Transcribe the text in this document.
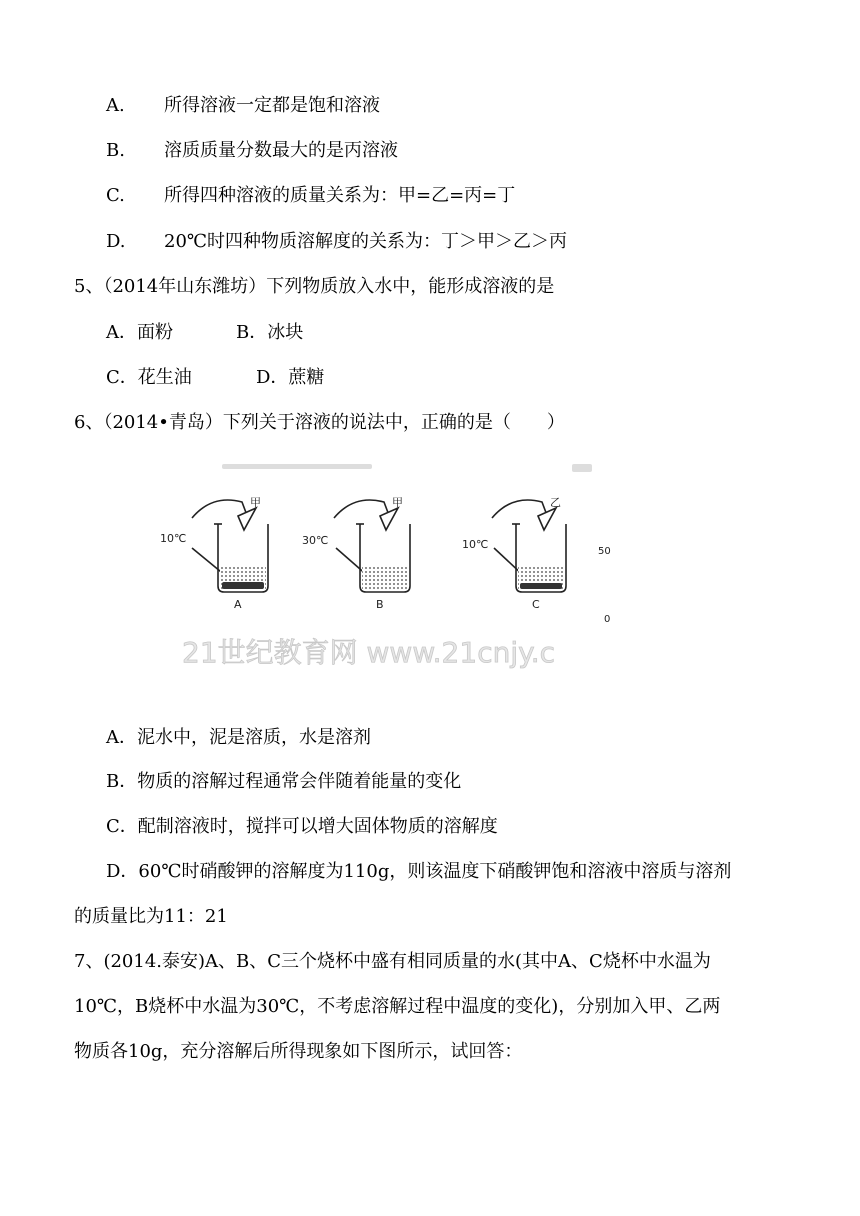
A. 所得溶液一定都是饱和溶液
B. 溶质质量分数最大的是丙溶液
C. 所得四种溶液的质量关系为：甲=乙=丙=丁
D. 20℃时四种物质溶解度的关系为：丁＞甲＞乙＞丙
5、（2014年山东潍坊）下列物质放入水中，能形成溶液的是
A．面粉	B．冰块
C．花生油	D．蔗糖
6、（2014•青岛）下列关于溶液的说法中，正确的是（　　）
10℃
甲
A
30℃
甲
B
10℃
乙
C
50
0
21世纪教育网 www.21cnjy.c
A．泥水中，泥是溶质，水是溶剂
B．物质的溶解过程通常会伴随着能量的变化
C．配制溶液时，搅拌可以增大固体物质的溶解度
D．60℃时硝酸钾的溶解度为110g，则该温度下硝酸钾饱和溶液中溶质与溶剂
的质量比为11：21
7、(2014.泰安)A、B、C三个烧杯中盛有相同质量的水(其中A、C烧杯中水温为
10℃，B烧杯中水温为30℃，不考虑溶解过程中温度的变化)，分别加入甲、乙两
物质各10g，充分溶解后所得现象如下图所示，试回答：
